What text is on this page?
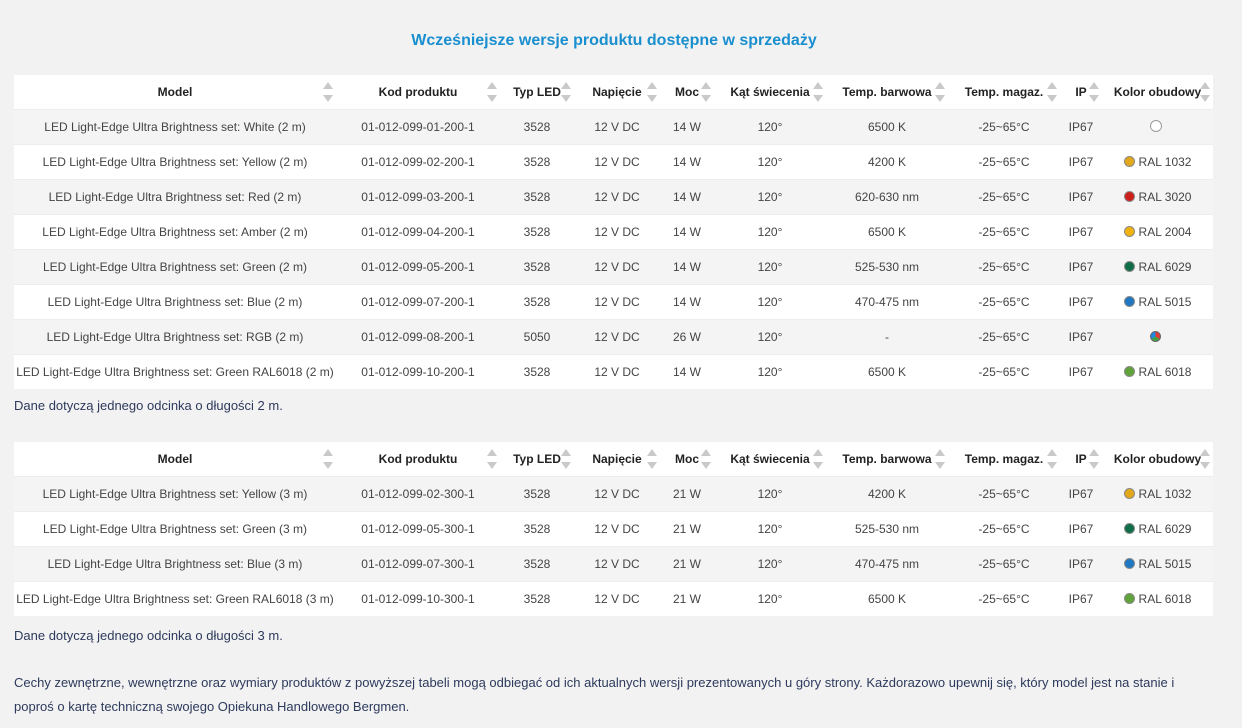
Wcześniejsze wersje produktu dostępne w sprzedaży
Model	Kod produktu	Typ LED	Napięcie	Moc	Kąt świecenia	Temp. barwowa	Temp. magaz.	IP	Kolor obudowy

LED Light-Edge Ultra Brightness set: White (2 m)	01-012-099-01-200-1	3528	12 V DC	14 W	120°	6500 K	-25~65°C	IP67	
LED Light-Edge Ultra Brightness set: Yellow (2 m)	01-012-099-02-200-1	3528	12 V DC	14 W	120°	4200 K	-25~65°C	IP67	RAL 1032
LED Light-Edge Ultra Brightness set: Red (2 m)	01-012-099-03-200-1	3528	12 V DC	14 W	120°	620-630 nm	-25~65°C	IP67	RAL 3020
LED Light-Edge Ultra Brightness set: Amber (2 m)	01-012-099-04-200-1	3528	12 V DC	14 W	120°	6500 K	-25~65°C	IP67	RAL 2004
LED Light-Edge Ultra Brightness set: Green (2 m)	01-012-099-05-200-1	3528	12 V DC	14 W	120°	525-530 nm	-25~65°C	IP67	RAL 6029
LED Light-Edge Ultra Brightness set: Blue (2 m)	01-012-099-07-200-1	3528	12 V DC	14 W	120°	470-475 nm	-25~65°C	IP67	RAL 5015
LED Light-Edge Ultra Brightness set: RGB (2 m)	01-012-099-08-200-1	5050	12 V DC	26 W	120°	-	-25~65°C	IP67	
LED Light-Edge Ultra Brightness set: Green RAL6018 (2 m)	01-012-099-10-200-1	3528	12 V DC	14 W	120°	6500 K	-25~65°C	IP67	RAL 6018
Dane dotyczą jednego odcinka o długości 2 m.
Model	Kod produktu	Typ LED	Napięcie	Moc	Kąt świecenia	Temp. barwowa	Temp. magaz.	IP	Kolor obudowy

LED Light-Edge Ultra Brightness set: Yellow (3 m)	01-012-099-02-300-1	3528	12 V DC	21 W	120°	4200 K	-25~65°C	IP67	RAL 1032
LED Light-Edge Ultra Brightness set: Green (3 m)	01-012-099-05-300-1	3528	12 V DC	21 W	120°	525-530 nm	-25~65°C	IP67	RAL 6029
LED Light-Edge Ultra Brightness set: Blue (3 m)	01-012-099-07-300-1	3528	12 V DC	21 W	120°	470-475 nm	-25~65°C	IP67	RAL 5015
LED Light-Edge Ultra Brightness set: Green RAL6018 (3 m)	01-012-099-10-300-1	3528	12 V DC	21 W	120°	6500 K	-25~65°C	IP67	RAL 6018
Dane dotyczą jednego odcinka o długości 3 m.
Cechy zewnętrzne, wewnętrzne oraz wymiary produktów z powyższej tabeli mogą odbiegać od ich aktualnych wersji prezentowanych u góry strony. Każdorazowo upewnij się, który model jest na stanie i
poproś o kartę techniczną swojego Opiekuna Handlowego Bergmen.
